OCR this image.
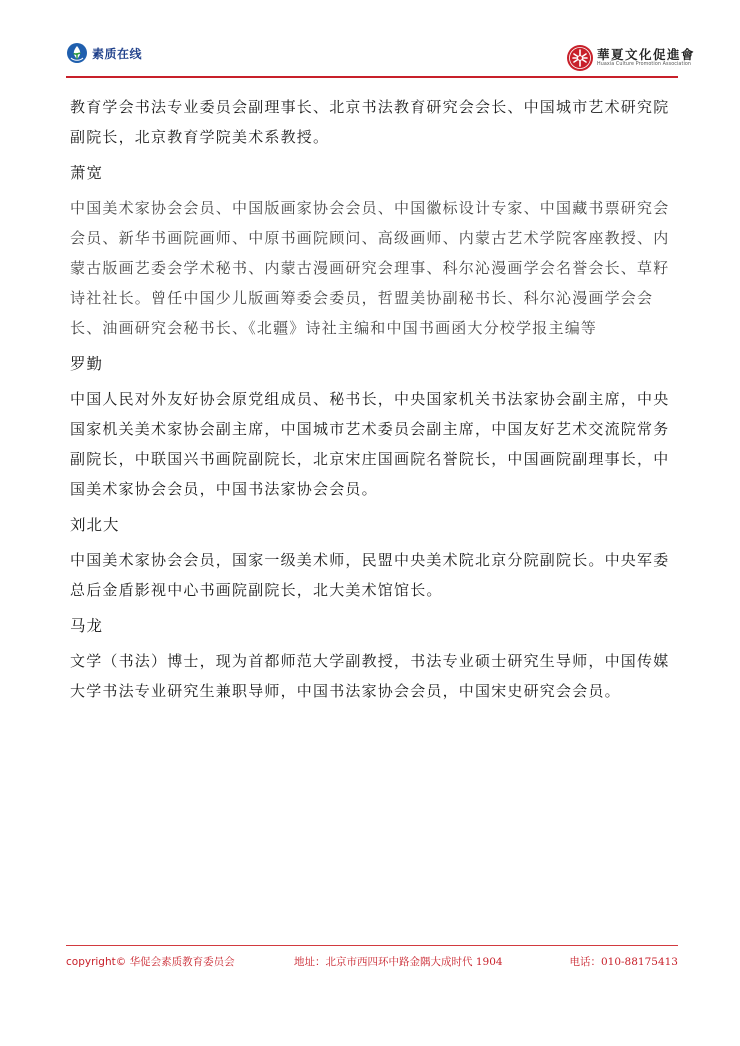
素质在线	華夏文化促進會
Huaxia Culture Promotion Association

教育学会书法专业委员会副理事长、北京书法教育研究会会长、中国城市艺术研究院副院长，北京教育学院美术系教授。

萧宽

中国美术家协会会员、中国版画家协会会员、中国徽标设计专家、中国藏书票研究会会员、新华书画院画师、中原书画院顾问、高级画师、内蒙古艺术学院客座教授、内蒙古版画艺委会学术秘书、内蒙古漫画研究会理事、科尔沁漫画学会名誉会长、草籽诗社社长。曾任中国少儿版画筹委会委员，哲盟美协副秘书长、科尔沁漫画学会会长、油画研究会秘书长、《北疆》诗社主编和中国书画函大分校学报主编等

罗勤

中国人民对外友好协会原党组成员、秘书长，中央国家机关书法家协会副主席，中央国家机关美术家协会副主席，中国城市艺术委员会副主席，中国友好艺术交流院常务副院长，中联国兴书画院副院长，北京宋庄国画院名誉院长，中国画院副理事长，中国美术家协会会员，中国书法家协会会员。

刘北大

中国美术家协会会员，国家一级美术师，民盟中央美术院北京分院副院长。中央军委总后金盾影视中心书画院副院长，北大美术馆馆长。

马龙

文学（书法）博士，现为首都师范大学副教授，书法专业硕士研究生导师，中国传媒大学书法专业研究生兼职导师，中国书法家协会会员，中国宋史研究会会员。

copyright© 华促会素质教育委员会	地址：北京市西四环中路金隅大成时代 1904	电话：010-88175413
